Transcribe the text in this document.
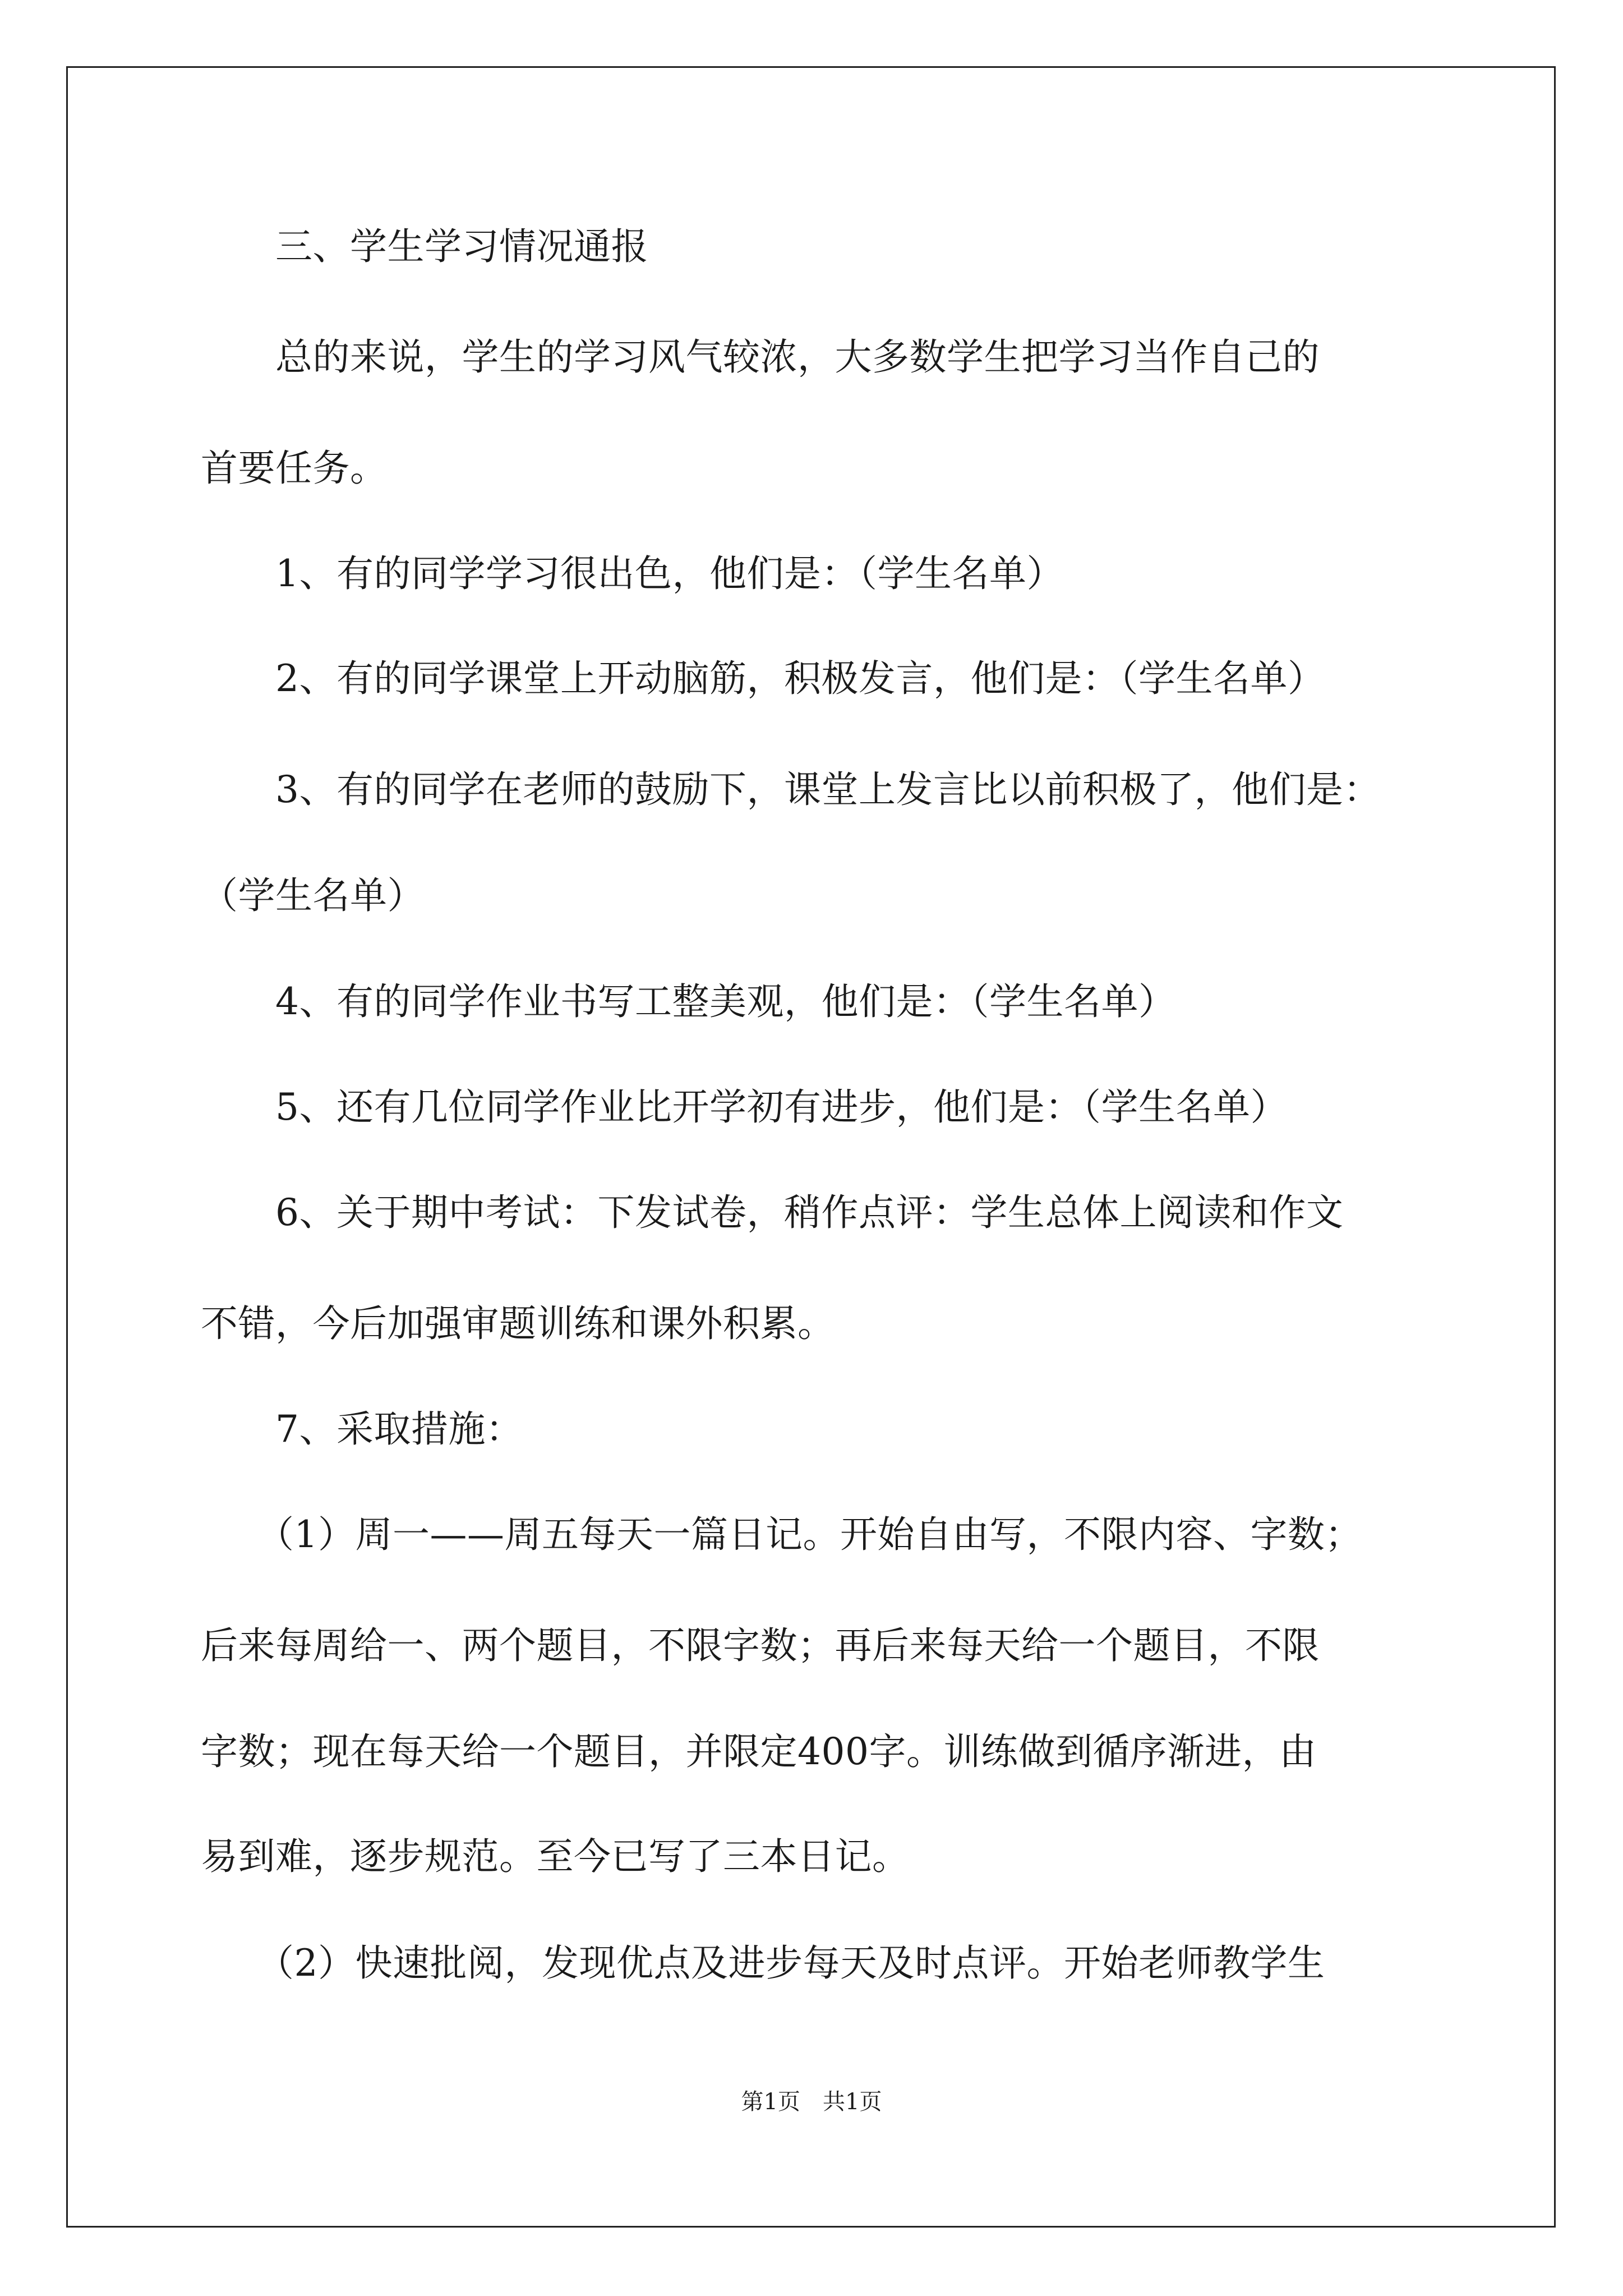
　　三、学生学习情况通报
　　总的来说，学生的学习风气较浓，大多数学生把学习当作自己的
首要任务。
　　1、有的同学学习很出色，他们是：（学生名单）
　　2、有的同学课堂上开动脑筋，积极发言，他们是：（学生名单）
　　3、有的同学在老师的鼓励下，课堂上发言比以前积极了，他们是：
（学生名单）
　　4、有的同学作业书写工整美观，他们是：（学生名单）
　　5、还有几位同学作业比开学初有进步，他们是：（学生名单）
　　6、关于期中考试：下发试卷，稍作点评：学生总体上阅读和作文
不错，今后加强审题训练和课外积累。
　　7、采取措施：
　　（1）周一——周五每天一篇日记。开始自由写，不限内容、字数；
后来每周给一、两个题目，不限字数；再后来每天给一个题目，不限
字数；现在每天给一个题目，并限定400字。训练做到循序渐进，由
易到难，逐步规范。至今已写了三本日记。
　　（2）快速批阅，发现优点及进步每天及时点评。开始老师教学生
第1页　共1页
